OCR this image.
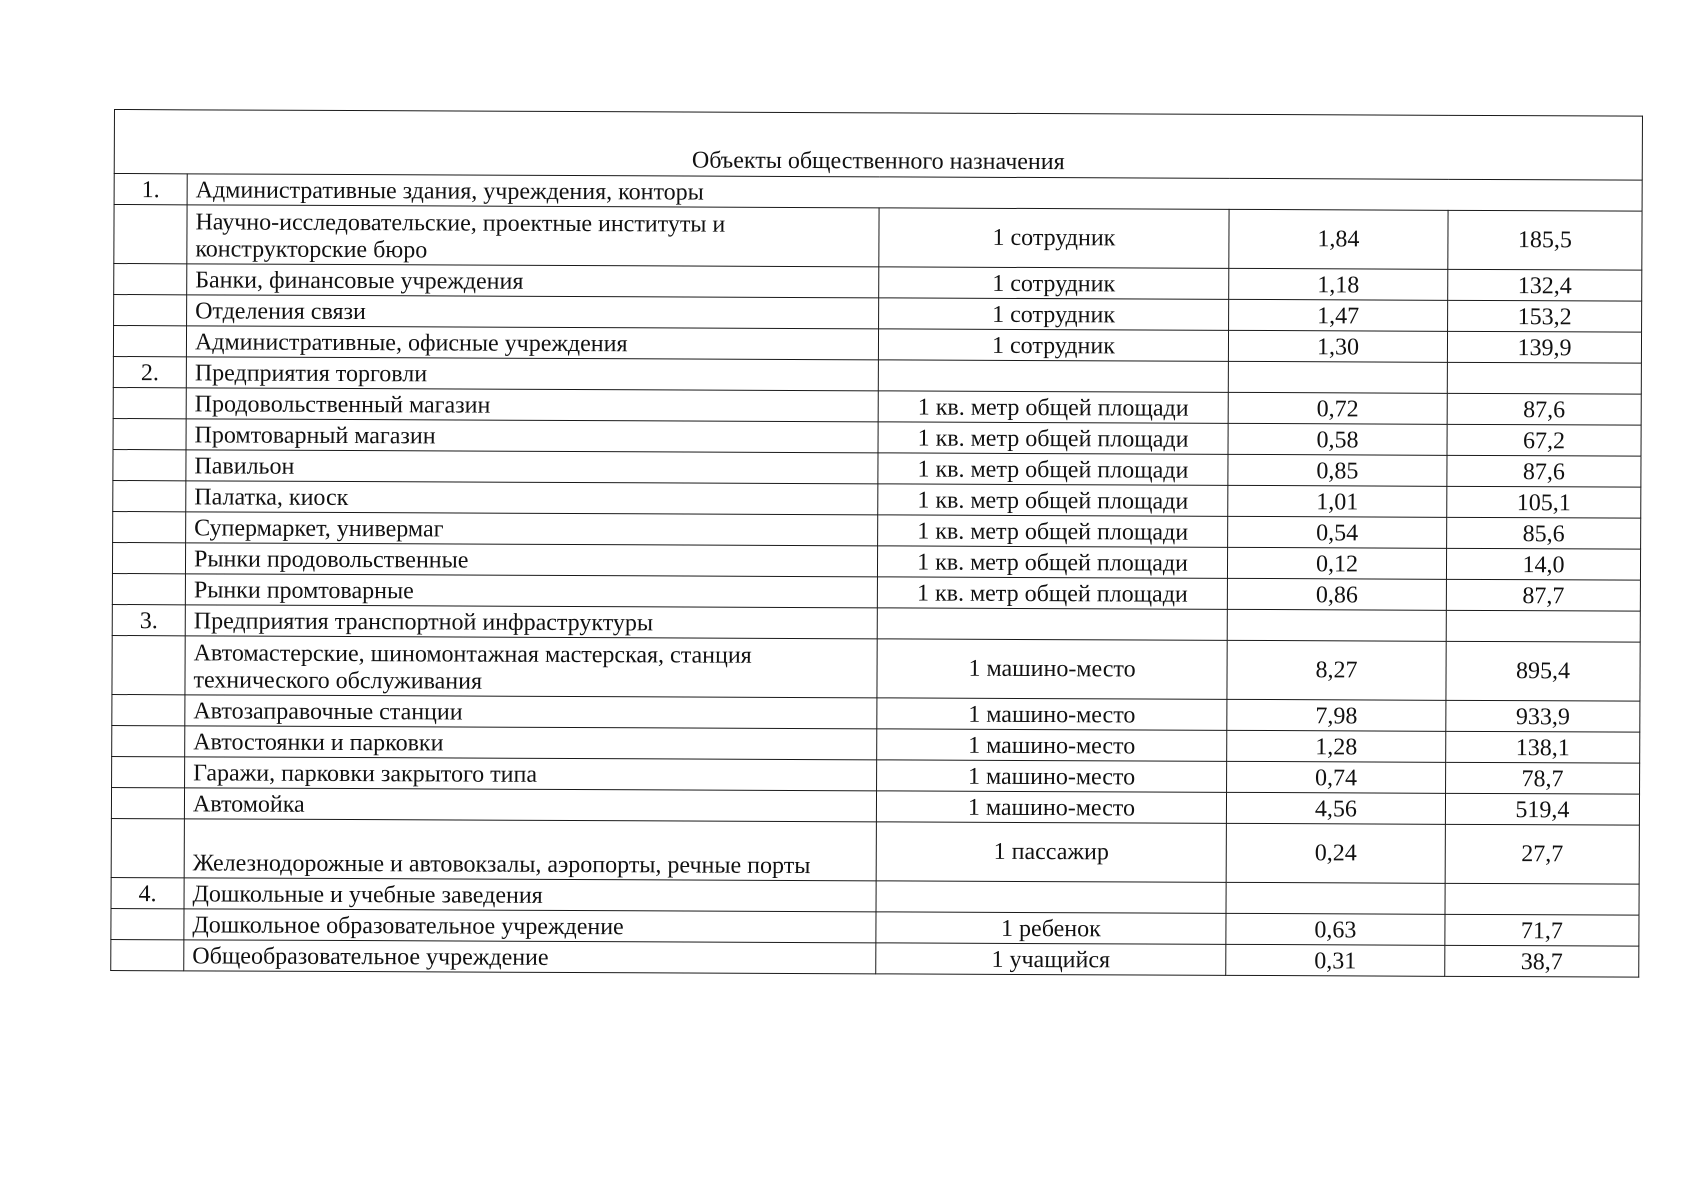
Объекты общественного назначения				
1.	Административные здания, учреждения, конторы			
	Научно-исследовательские, проектные институты и конструкторские бюро	1 сотрудник	1,84	185,5
	Банки, финансовые учреждения	1 сотрудник	1,18	132,4
	Отделения связи	1 сотрудник	1,47	153,2
	Административные, офисные учреждения	1 сотрудник	1,30	139,9
2.	Предприятия торговли			
	Продовольственный магазин	1 кв. метр общей площади	0,72	87,6
	Промтоварный магазин	1 кв. метр общей площади	0,58	67,2
	Павильон	1 кв. метр общей площади	0,85	87,6
	Палатка, киоск	1 кв. метр общей площади	1,01	105,1
	Супермаркет, универмаг	1 кв. метр общей площади	0,54	85,6
	Рынки продовольственные	1 кв. метр общей площади	0,12	14,0
	Рынки промтоварные	1 кв. метр общей площади	0,86	87,7
3.	Предприятия транспортной инфраструктуры			
	Автомастерские, шиномонтажная мастерская, станция технического обслуживания	1 машино-место	8,27	895,4
	Автозаправочные станции	1 машино-место	7,98	933,9
	Автостоянки и парковки	1 машино-место	1,28	138,1
	Гаражи, парковки закрытого типа	1 машино-место	0,74	78,7
	Автомойка	1 машино-место	4,56	519,4
	Железнодорожные и автовокзалы, аэропорты, речные порты	1 пассажир	0,24	27,7
4.	Дошкольные и учебные заведения			
	Дошкольное образовательное учреждение	1 ребенок	0,63	71,7
	Общеобразовательное учреждение	1 учащийся	0,31	38,7
